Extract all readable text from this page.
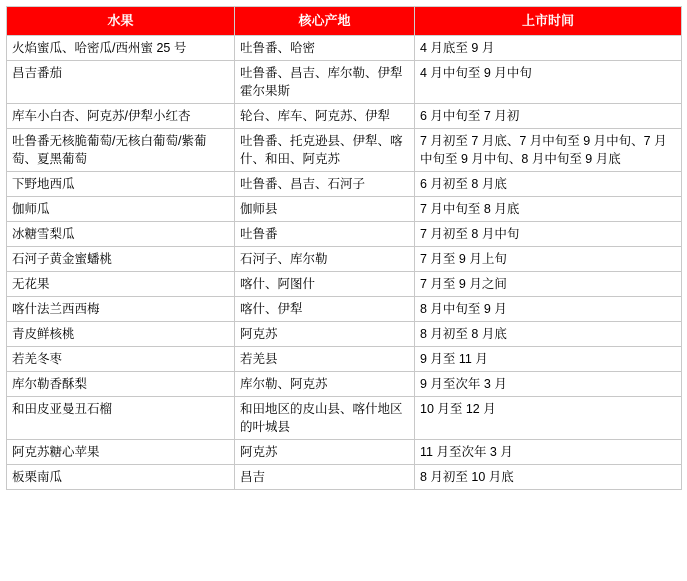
水果	核心产地	上市时间
火焰蜜瓜、哈密瓜/西州蜜 25 号	吐鲁番、哈密	4 月底至 9 月
昌吉番茄	吐鲁番、昌吉、库尔勒、伊犁霍尔果斯	4 月中旬至 9 月中旬
库车小白杏、阿克苏/伊犁小红杏	轮台、库车、阿克苏、伊犁	6 月中旬至 7 月初
吐鲁番无核脆葡萄/无核白葡萄/紫葡萄、夏黑葡萄	吐鲁番、托克逊县、伊犁、喀什、和田、阿克苏	7 月初至 7 月底、7 月中旬至 9 月中旬、7 月中旬至 9 月中旬、8 月中旬至 9 月底
下野地西瓜	吐鲁番、昌吉、石河子	6 月初至 8 月底
伽师瓜	伽师县	7 月中旬至 8 月底
冰糖雪梨瓜	吐鲁番	7 月初至 8 月中旬
石河子黄金蜜蟠桃	石河子、库尔勒	7 月至 9 月上旬
无花果	喀什、阿图什	7 月至 9 月之间
喀什法兰西西梅	喀什、伊犁	8 月中旬至 9 月
青皮鲜核桃	阿克苏	8 月初至 8 月底
若羌冬枣	若羌县	9 月至 11 月
库尔勒香酥梨	库尔勒、阿克苏	9 月至次年 3 月
和田皮亚曼丑石榴	和田地区的皮山县、喀什地区的叶城县	10 月至 12 月
阿克苏糖心苹果	阿克苏	11 月至次年 3 月
板栗南瓜	昌吉	8 月初至 10 月底
